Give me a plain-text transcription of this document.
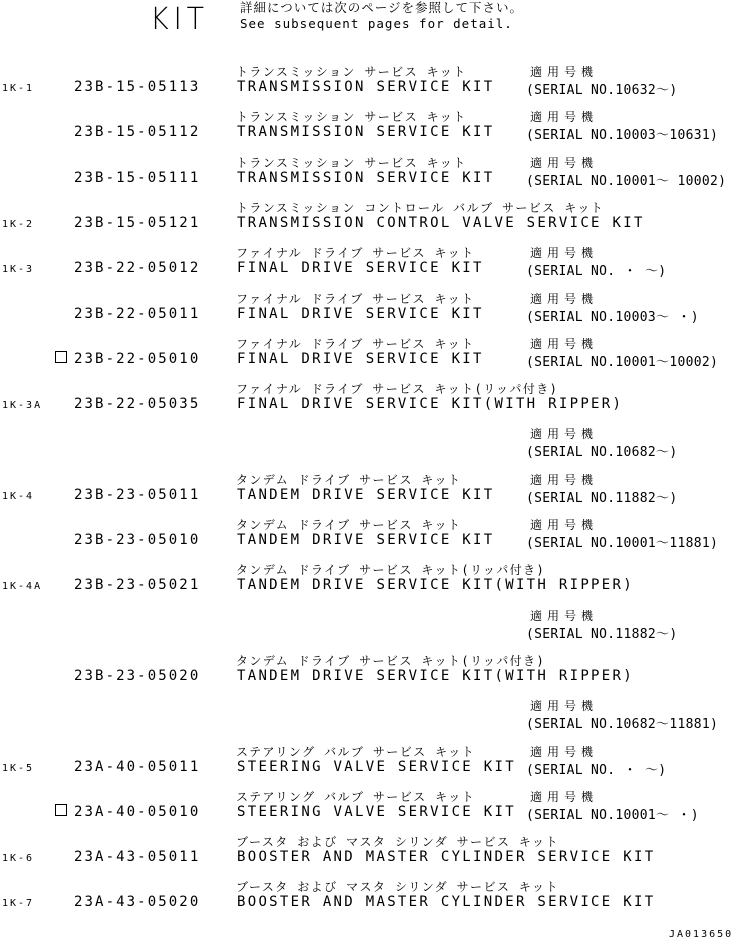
KIT 詳細については次のページを参照して下さい。
See subsequent pages for detail.
1K-1	23B-15-05113
トランスミッション サービス キット
TRANSMISSION SERVICE KIT
適用号機
(SERIAL NO.10632～)
23B-15-05112
トランスミッション サービス キット
TRANSMISSION SERVICE KIT
適用号機
(SERIAL NO.10003～10631)
23B-15-05111
トランスミッション サービス キット
TRANSMISSION SERVICE KIT
適用号機
(SERIAL NO.10001～ 10002)
1K-2	23B-15-05121
トランスミッション コントロール バルブ サービス キット
TRANSMISSION CONTROL VALVE SERVICE KIT
1K-3	23B-22-05012
ファイナル ドライブ サービス キット
FINAL DRIVE SERVICE KIT
適用号機
(SERIAL NO. ・ ～)
23B-22-05011
ファイナル ドライブ サービス キット
FINAL DRIVE SERVICE KIT
適用号機
(SERIAL NO.10003～ ・)
23B-22-05010
ファイナル ドライブ サービス キット
FINAL DRIVE SERVICE KIT
適用号機
(SERIAL NO.10001～10002)
1K-3A 23B-22-05035
ファイナル ドライブ サービス キット(リッパ付き)
FINAL DRIVE SERVICE KIT(WITH RIPPER)
適用号機
(SERIAL NO.10682～)
1K-4	23B-23-05011
タンデム ドライブ サービス キット
TANDEM DRIVE SERVICE KIT
適用号機
(SERIAL NO.11882～)
23B-23-05010
タンデム ドライブ サービス キット
TANDEM DRIVE SERVICE KIT
適用号機
(SERIAL NO.10001～11881)
1K-4A 23B-23-05021
タンデム ドライブ サービス キット(リッパ付き)
TANDEM DRIVE SERVICE KIT(WITH RIPPER)
適用号機
(SERIAL NO.11882～)
23B-23-05020
タンデム ドライブ サービス キット(リッパ付き)
TANDEM DRIVE SERVICE KIT(WITH RIPPER)
適用号機
(SERIAL NO.10682～11881)
1K-5	23A-40-05011
ステアリング バルブ サービス キット
STEERING VALVE SERVICE KIT
適用号機
(SERIAL NO. ・ ～)
23A-40-05010
ステアリング バルブ サービス キット
STEERING VALVE SERVICE KIT
適用号機
(SERIAL NO.10001～ ・)
1K-6	23A-43-05011
ブースタ および マスタ シリンダ サービス キット
BOOSTER AND MASTER CYLINDER SERVICE KIT
1K-7	23A-43-05020
ブースタ および マスタ シリンダ サービス キット
BOOSTER AND MASTER CYLINDER SERVICE KIT
JA013650
